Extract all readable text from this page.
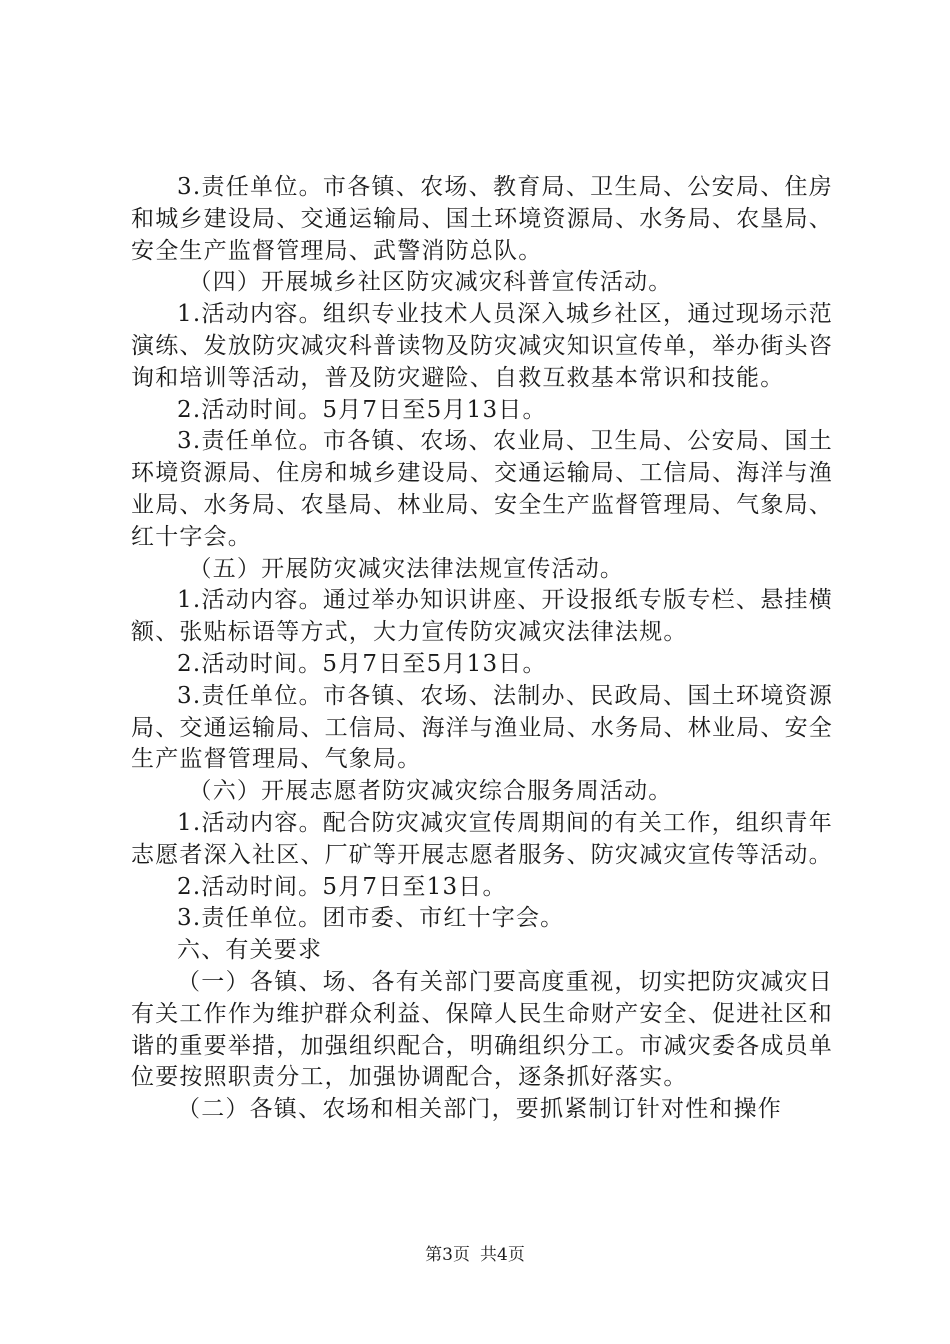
3.责任单位。市各镇、农场、教育局、卫生局、公安局、住房和城乡建设局、交通运输局、国土环境资源局、水务局、农垦局、安全生产监督管理局、武警消防总队。

（四）开展城乡社区防灾减灾科普宣传活动。

1.活动内容。组织专业技术人员深入城乡社区，通过现场示范演练、发放防灾减灾科普读物及防灾减灾知识宣传单，举办街头咨询和培训等活动，普及防灾避险、自救互救基本常识和技能。

2.活动时间。5月7日至5月13日。

3.责任单位。市各镇、农场、农业局、卫生局、公安局、国土环境资源局、住房和城乡建设局、交通运输局、工信局、海洋与渔业局、水务局、农垦局、林业局、安全生产监督管理局、气象局、红十字会。

（五）开展防灾减灾法律法规宣传活动。

1.活动内容。通过举办知识讲座、开设报纸专版专栏、悬挂横额、张贴标语等方式，大力宣传防灾减灾法律法规。

2.活动时间。5月7日至5月13日。

3.责任单位。市各镇、农场、法制办、民政局、国土环境资源局、交通运输局、工信局、海洋与渔业局、水务局、林业局、安全生产监督管理局、气象局。

（六）开展志愿者防灾减灾综合服务周活动。

1.活动内容。配合防灾减灾宣传周期间的有关工作，组织青年志愿者深入社区、厂矿等开展志愿者服务、防灾减灾宣传等活动。

2.活动时间。5月7日至13日。

3.责任单位。团市委、市红十字会。

六、有关要求

（一）各镇、场、各有关部门要高度重视，切实把防灾减灾日有关工作作为维护群众利益、保障人民生命财产安全、促进社区和谐的重要举措，加强组织配合，明确组织分工。市减灾委各成员单位要按照职责分工，加强协调配合，逐条抓好落实。

（二）各镇、农场和相关部门，要抓紧制订针对性和操作

第3页 共4页
